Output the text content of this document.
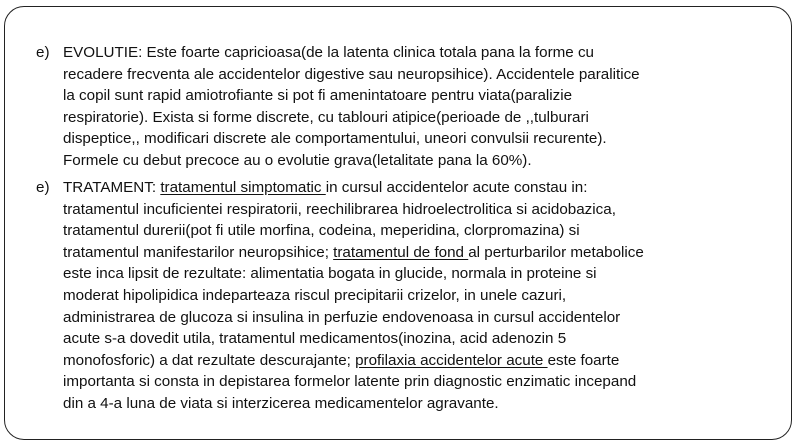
e) EVOLUTIE: Este foarte capricioasa(de la latenta clinica totala pana la forme cu
recadere frecventa ale accidentelor digestive sau neuropsihice). Accidentele paralitice
la copil sunt rapid amiotrofiante si pot fi amenintatoare pentru viata(paralizie
respiratorie). Exista si forme discrete, cu tablouri atipice(perioade de ,,tulburari
dispeptice,, modificari discrete ale comportamentului, uneori convulsii recurente).
Formele cu debut precoce au o evolutie grava(letalitate pana la 60%).
e) TRATAMENT: tratamentul simptomatic in cursul accidentelor acute constau in:
tratamentul incuficientei respiratorii, reechilibrarea hidroelectrolitica si acidobazica,
tratamentul durerii(pot fi utile morfina, codeina, meperidina, clorpromazina) si
tratamentul manifestarilor neuropsihice; tratamentul de fond al perturbarilor metabolice
este inca lipsit de rezultate: alimentatia bogata in glucide, normala in proteine si
moderat hipolipidica indeparteaza riscul precipitarii crizelor, in unele cazuri,
administrarea de glucoza si insulina in perfuzie endovenoasa in cursul accidentelor
acute s-a dovedit utila, tratamentul medicamentos(inozina, acid adenozin 5
monofosforic) a dat rezultate descurajante; profilaxia accidentelor acute este foarte
importanta si consta in depistarea formelor latente prin diagnostic enzimatic incepand
din a 4-a luna de viata si interzicerea medicamentelor agravante.
